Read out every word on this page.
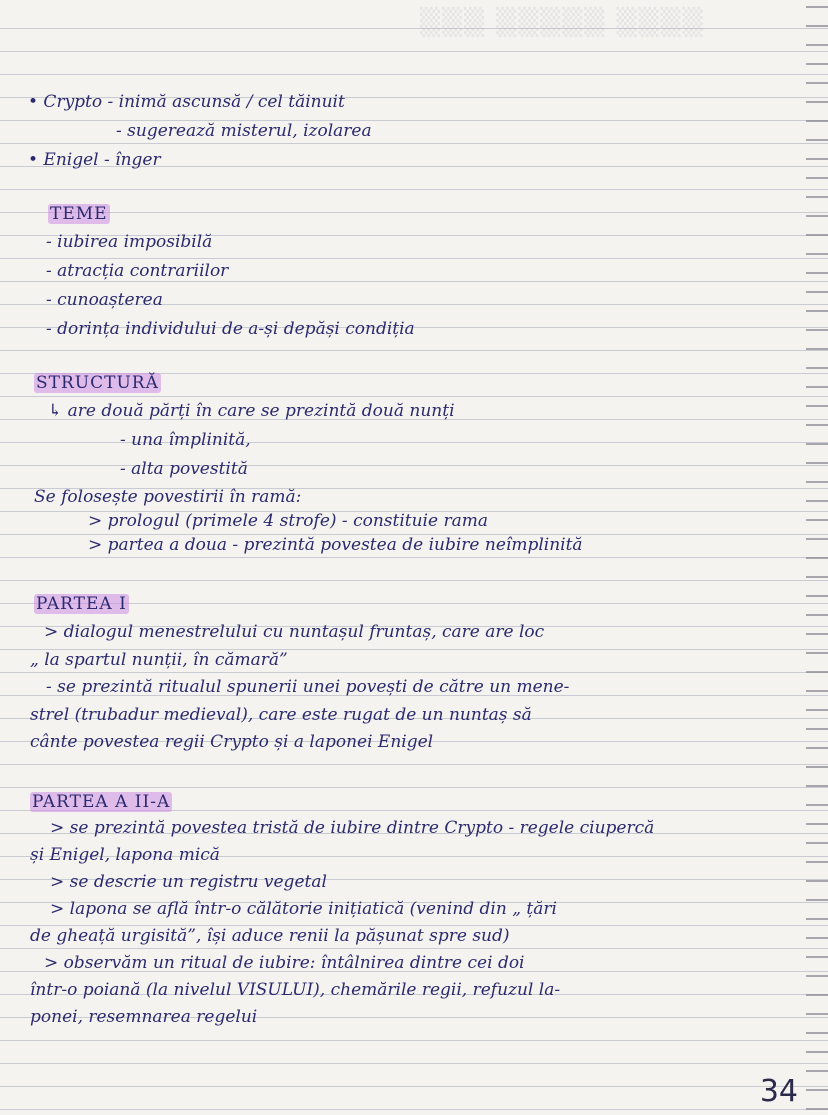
▒▒▒ ▒▒▒▒▒ ▒▒▒▒
• Crypto - inimă ascunsă / cel tăinuit
- sugerează misterul, izolarea
• Enigel - înger
TEME
- iubirea imposibilă
- atracția contrariilor
- cunoașterea
- dorința individului de a-și depăși condiția
STRUCTURĂ
↳ are două părți în care se prezintă două nunți
- una împlinită,
- alta povestită
Se folosește povestirii în ramă:
> prologul (primele 4 strofe) - constituie rama
> partea a doua - prezintă povestea de iubire neîmplinită
PARTEA I
> dialogul menestrelului cu nuntașul fruntaș, care are loc
„ la spartul nunții, în cămară”
- se prezintă ritualul spunerii unei povești de către un mene-
strel (trubadur medieval), care este rugat de un nuntaș să
cânte povestea regii Crypto și a laponei Enigel
PARTEA A II-A
> se prezintă povestea tristă de iubire dintre Crypto - regele ciupercă
și Enigel, lapona mică
> se descrie un registru vegetal
> lapona se află într-o călătorie inițiatică (venind din „ țări
de gheață urgisită”, își aduce renii la pășunat spre sud)
> observăm un ritual de iubire: întâlnirea dintre cei doi
într-o poiană (la nivelul VISULUI), chemările regii, refuzul la-
ponei, resemnarea regelui
34
